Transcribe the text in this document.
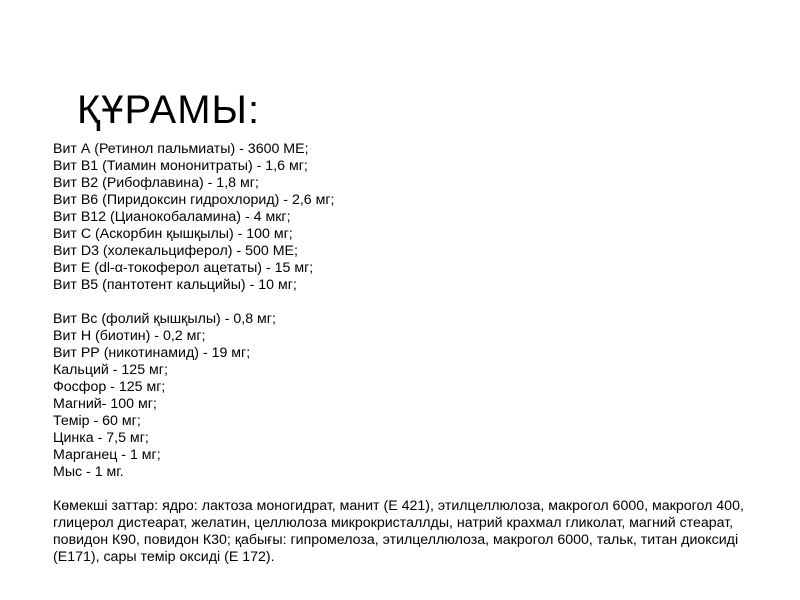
ҚҰРАМЫ:
Вит А (Ретинол пальмиаты) - 3600 МЕ;
Вит В1 (Тиамин мононитраты) - 1,6 мг;
Вит В2 (Рибофлавина) - 1,8 мг;
Вит В6 (Пиридоксин гидрохлорид) - 2,6 мг;
Вит В12 (Цианокобаламина) - 4 мкг;
Вит С (Аскорбин қышқылы) - 100 мг;
Вит D3 (холекальциферол) - 500 МЕ;
Вит Е (dl-α-токоферол ацетаты) - 15 мг;
Вит В5 (пантотент кальцийы) - 10 мг;
Вит Вс (фолий қышқылы) - 0,8 мг;
Вит Н (биотин) - 0,2 мг;
Вит РР (никотинамид) - 19 мг;
Кальций - 125 мг;
Фосфор - 125 мг;
Магний- 100 мг;
Темір - 60 мг;
Цинка - 7,5 мг;
Марганец - 1 мг;
Мыс - 1 мг.
Көмекші заттар: ядро: лактоза моногидрат, манит (Е 421), этилцеллюлоза, макрогол 6000, макрогол 400, глицерол дистеарат, желатин, целлюлоза микрокристаллды, натрий крахмал гликолат, магний стеарат, повидон К90, повидон К30; қабығы: гипромелоза, этилцеллюлоза, макрогол 6000, тальк, титан диоксиді (Е171), сары темір оксиді (Е 172).
